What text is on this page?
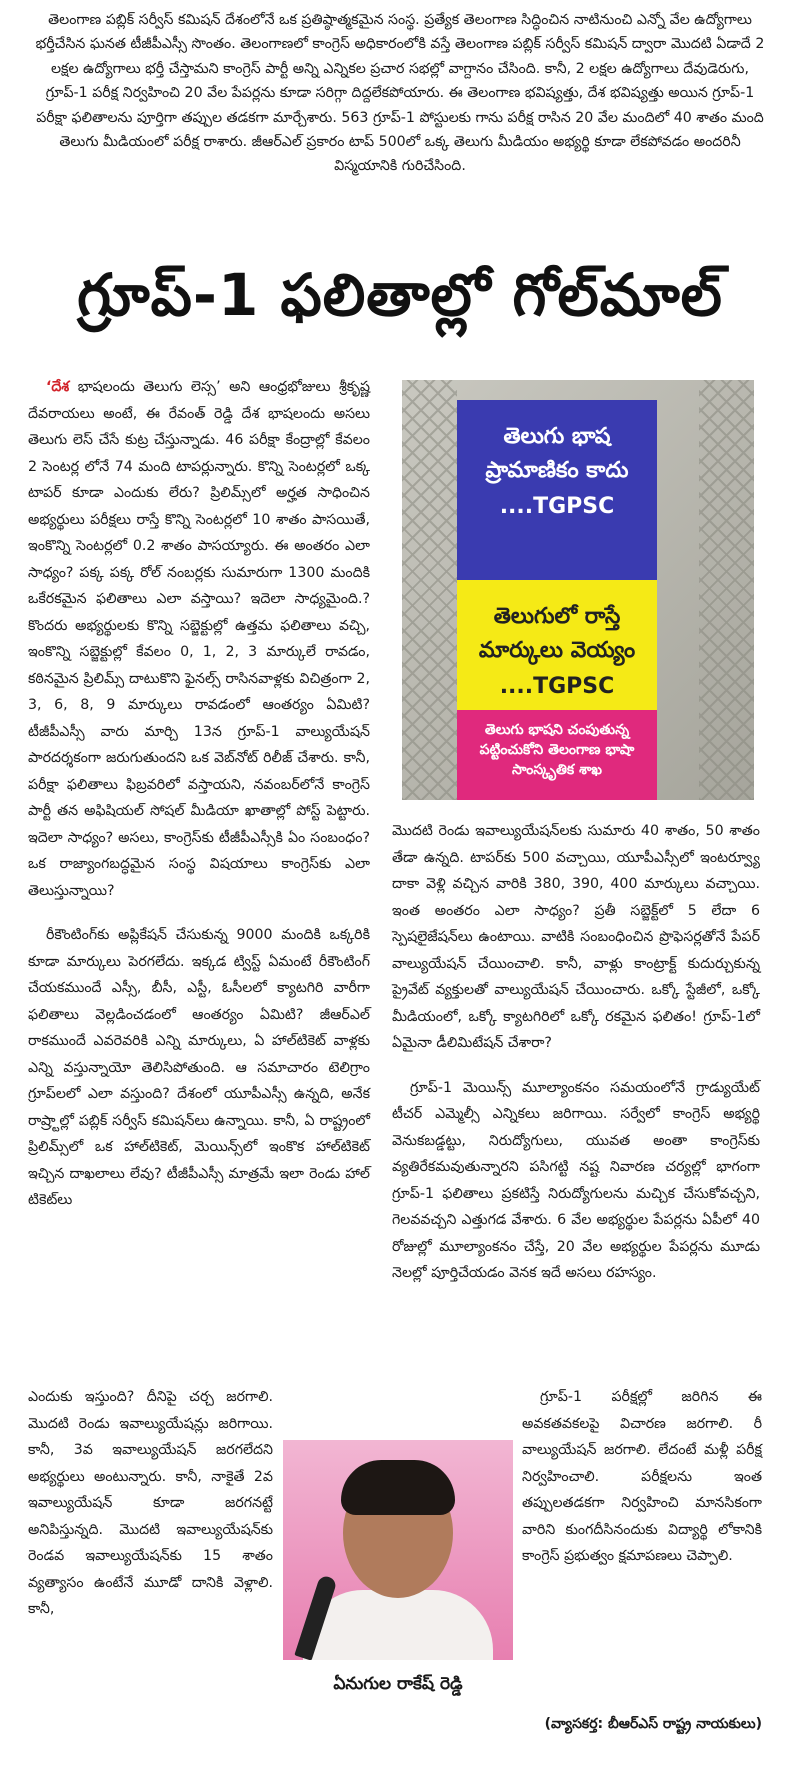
తెలంగాణ పబ్లిక్ సర్వీస్ కమిషన్ దేశంలోనే ఒక ప్రతిష్ఠాత్మకమైన సంస్థ. ప్రత్యేక తెలంగాణ సిద్ధించిన నాటినుంచి ఎన్నో వేల ఉద్యోగాలు భర్తీచేసిన ఘనత టీజీపీఎస్సీ సొంతం. తెలంగాణలో కాంగ్రెస్ అధికారంలోకి వస్తే తెలంగాణ పబ్లిక్ సర్వీస్ కమిషన్ ద్వారా మొదటి ఏడాదే 2 లక్షల ఉద్యోగాలు భర్తీ చేస్తామని కాంగ్రెస్ పార్టీ అన్ని ఎన్నికల ప్రచార సభల్లో వాగ్దానం చేసింది. కానీ, 2 లక్షల ఉద్యోగాలు దేవుడెరుగు, గ్రూప్-1 పరీక్ష నిర్వహించి 20 వేల పేపర్లను కూడా సరిగ్గా దిద్దలేకపోయారు. ఈ తెలంగాణ భవిష్యత్తు, దేశ భవిష్యత్తు అయిన గ్రూప్-1 పరీక్షా ఫలితాలను పూర్తిగా తప్పుల తడకగా మార్చేశారు. 563 గ్రూప్-1 పోస్టులకు గాను పరీక్ష రాసిన 20 వేల మందిలో 40 శాతం మంది తెలుగు మీడియంలో పరీక్ష రాశారు. జీఆర్ఎల్ ప్రకారం టాప్ 500లో ఒక్క తెలుగు మీడియం అభ్యర్థి కూడా లేకపోవడం అందరినీ విస్మయానికి గురిచేసింది.

గ్రూప్-1 ఫలితాల్లో గోల్‌మాల్

‘దేశ భాషలందు తెలుగు లెస్స’ అని ఆంధ్రభోజులు శ్రీకృష్ణ దేవరాయలు అంటే, ఈ రేవంత్ రెడ్డి దేశ భాషలందు అసలు తెలుగు లెస్ చేసే కుట్ర చేస్తున్నాడు. 46 పరీక్షా కేంద్రాల్లో కేవలం 2 సెంటర్ల లోనే 74 మంది టాపర్లున్నారు. కొన్ని సెంటర్లలో ఒక్క టాపర్ కూడా ఎందుకు లేరు? ప్రిలిమ్స్‌లో అర్హత సాధించిన అభ్యర్థులు పరీక్షలు రాస్తే కొన్ని సెంటర్లలో 10 శాతం పాసయితే, ఇంకొన్ని సెంటర్లలో 0.2 శాతం పాసయ్యారు. ఈ అంతరం ఎలా సాధ్యం? పక్క పక్క రోల్ నంబర్లకు సుమారుగా 1300 మందికి ఒకేరకమైన ఫలితాలు ఎలా వస్తాయి? ఇదెలా సాధ్యమైంది.? కొందరు అభ్యర్థులకు కొన్ని సబ్జెక్టుల్లో ఉత్తమ ఫలితాలు వచ్చి, ఇంకొన్ని సబ్జెక్టుల్లో కేవలం 0, 1, 2, 3 మార్కులే రావడం, కఠినమైన ప్రిలిమ్స్ దాటుకొని ఫైనల్స్ రాసినవాళ్లకు విచిత్రంగా 2, 3, 6, 8, 9 మార్కులు రావడంలో ఆంతర్యం ఏమిటి? టీజీపీఎస్సీ వారు మార్చి 13న గ్రూప్-1 వాల్యుయేషన్ పారదర్శకంగా జరుగుతుందని ఒక వెబ్‌నోట్ రిలీజ్ చేశారు. కానీ, పరీక్షా ఫలితాలు ఫిబ్రవరిలో వస్తాయని, నవంబర్‌లోనే కాంగ్రెస్ పార్టీ తన అఫిషియల్ సోషల్ మీడియా ఖాతాల్లో పోస్ట్ పెట్టారు. ఇదెలా సాధ్యం? అసలు, కాంగ్రెస్‌కు టీజీపీఎస్సీకి ఏం సంబంధం? ఒక రాజ్యాంగబద్ధమైన సంస్థ విషయాలు కాంగ్రెస్‌కు ఎలా తెలుస్తున్నాయి?

రీకౌంటింగ్‌కు అప్లికేషన్ చేసుకున్న 9000 మందికి ఒక్కరికి కూడా మార్కులు పెరగలేదు. ఇక్కడ ట్విస్ట్ ఏమంటే రీకౌంటింగ్ చేయకముందే ఎస్సీ, బీసీ, ఎస్టీ, ఓసీలలో క్యాటగిరి వారీగా ఫలితాలు వెల్లడించడంలో ఆంతర్యం ఏమిటి? జీఆర్ఎల్ రాకముందే ఎవరెవరికి ఎన్ని మార్కులు, ఏ హాల్‌టికెట్ వాళ్లకు ఎన్ని వస్తున్నాయో తెలిసిపోతుంది. ఆ సమాచారం టెలిగ్రాం గ్రూప్‌లలో ఎలా వస్తుంది? దేశంలో యూపీఎస్సీ ఉన్నది, అనేక రాష్ర్టాల్లో పబ్లిక్ సర్వీస్ కమిషన్‌లు ఉన్నాయి. కానీ, ఏ రాష్ట్రంలో ప్రిలిమ్స్‌లో ఒక హాల్‌టికెట్, మెయిన్స్‌లో ఇంకొక హాల్‌టికెట్ ఇచ్చిన దాఖలాలు లేవు? టీజీపీఎస్సీ మాత్రమే ఇలా రెండు హాల్ టికెట్‌లు

ఎందుకు ఇస్తుంది? దీనిపై చర్చ జరగాలి. మొదటి రెండు ఇవాల్యుయేషన్లు జరిగాయి. కానీ, 3వ ఇవాల్యుయేషన్ జరగలేదని అభ్యర్థులు అంటున్నారు. కానీ, నాకైతే 2వ ఇవాల్యుయేషన్ కూడా జరగనట్టే అనిపిస్తున్నది. మొదటి ఇవాల్యుయేషన్‌కు రెండవ ఇవాల్యుయేషన్‌కు 15 శాతం వ్యత్యాసం ఉంటేనే మూడో దానికి వెళ్లాలి. కానీ,

తెలుగు భాష ప్రామాణికం కాదు
....TGPSC
తెలుగులో రాస్తే మార్కులు వెయ్యం
....TGPSC
తెలుగు భాషని చంపుతున్న పట్టించుకోని తెలంగాణ భాషా సాంస్కృతిక శాఖ

మొదటి రెండు ఇవాల్యుయేషన్‌లకు సుమారు 40 శాతం, 50 శాతం తేడా ఉన్నది. టాపర్‌కు 500 వచ్చాయి, యూపీఎస్సీలో ఇంటర్వ్యూ దాకా వెళ్లి వచ్చిన వారికి 380, 390, 400 మార్కులు వచ్చాయి. ఇంత అంతరం ఎలా సాధ్యం? ప్రతీ సబ్జెక్ట్‌లో 5 లేదా 6 స్పెషలైజేషన్‌లు ఉంటాయి. వాటికి సంబంధించిన ప్రొఫెసర్లతోనే పేపర్ వాల్యుయేషన్ చేయించాలి. కానీ, వాళ్లు కాంట్రాక్ట్ కుదుర్చుకున్న ప్రైవేట్ వ్యక్తులతో వాల్యుయేషన్ చేయించారు. ఒక్కో స్టేజీలో, ఒక్కో మీడియంలో, ఒక్కో క్యాటగిరిలో ఒక్కో రకమైన ఫలితం! గ్రూప్-1లో ఏమైనా డీలిమిటేషన్ చేశారా?

గ్రూప్-1 మెయిన్స్ మూల్యాంకనం సమయంలోనే గ్రాడ్యుయేట్ టీచర్ ఎమ్మెల్సీ ఎన్నికలు జరిగాయి. సర్వేలో కాంగ్రెస్ అభ్యర్థి వెనుకబడ్డట్టు, నిరుద్యోగులు, యువత అంతా కాంగ్రెస్‌కు వ్యతిరేకమవుతున్నారని పసిగట్టి నష్ట నివారణ చర్యల్లో భాగంగా గ్రూప్-1 ఫలితాలు ప్రకటిస్తే నిరుద్యోగులను మచ్చిక చేసుకోవచ్చని, గెలవవచ్చని ఎత్తుగడ వేశారు. 6 వేల అభ్యర్థుల పేపర్లను ఏపీలో 40 రోజుల్లో మూల్యాంకనం చేస్తే, 20 వేల అభ్యర్థుల పేపర్లను మూడు నెలల్లో పూర్తిచేయడం వెనక ఇదే అసలు రహస్యం.

ఏనుగుల రాకేష్ రెడ్డి

గ్రూప్-1 పరీక్షల్లో జరిగిన ఈ అవకతవకలపై విచారణ జరగాలి. రీ వాల్యుయేషన్ జరగాలి. లేదంటే మళ్లీ పరీక్ష నిర్వహించాలి. పరీక్షలను ఇంత తప్పులతడకగా నిర్వహించి మానసికంగా వారిని కుంగదీసినందుకు విద్యార్థి లోకానికి కాంగ్రెస్ ప్రభుత్వం క్షమాపణలు చెప్పాలి.

(వ్యాసకర్త: బీఆర్ఎస్ రాష్ట్ర నాయకులు)
